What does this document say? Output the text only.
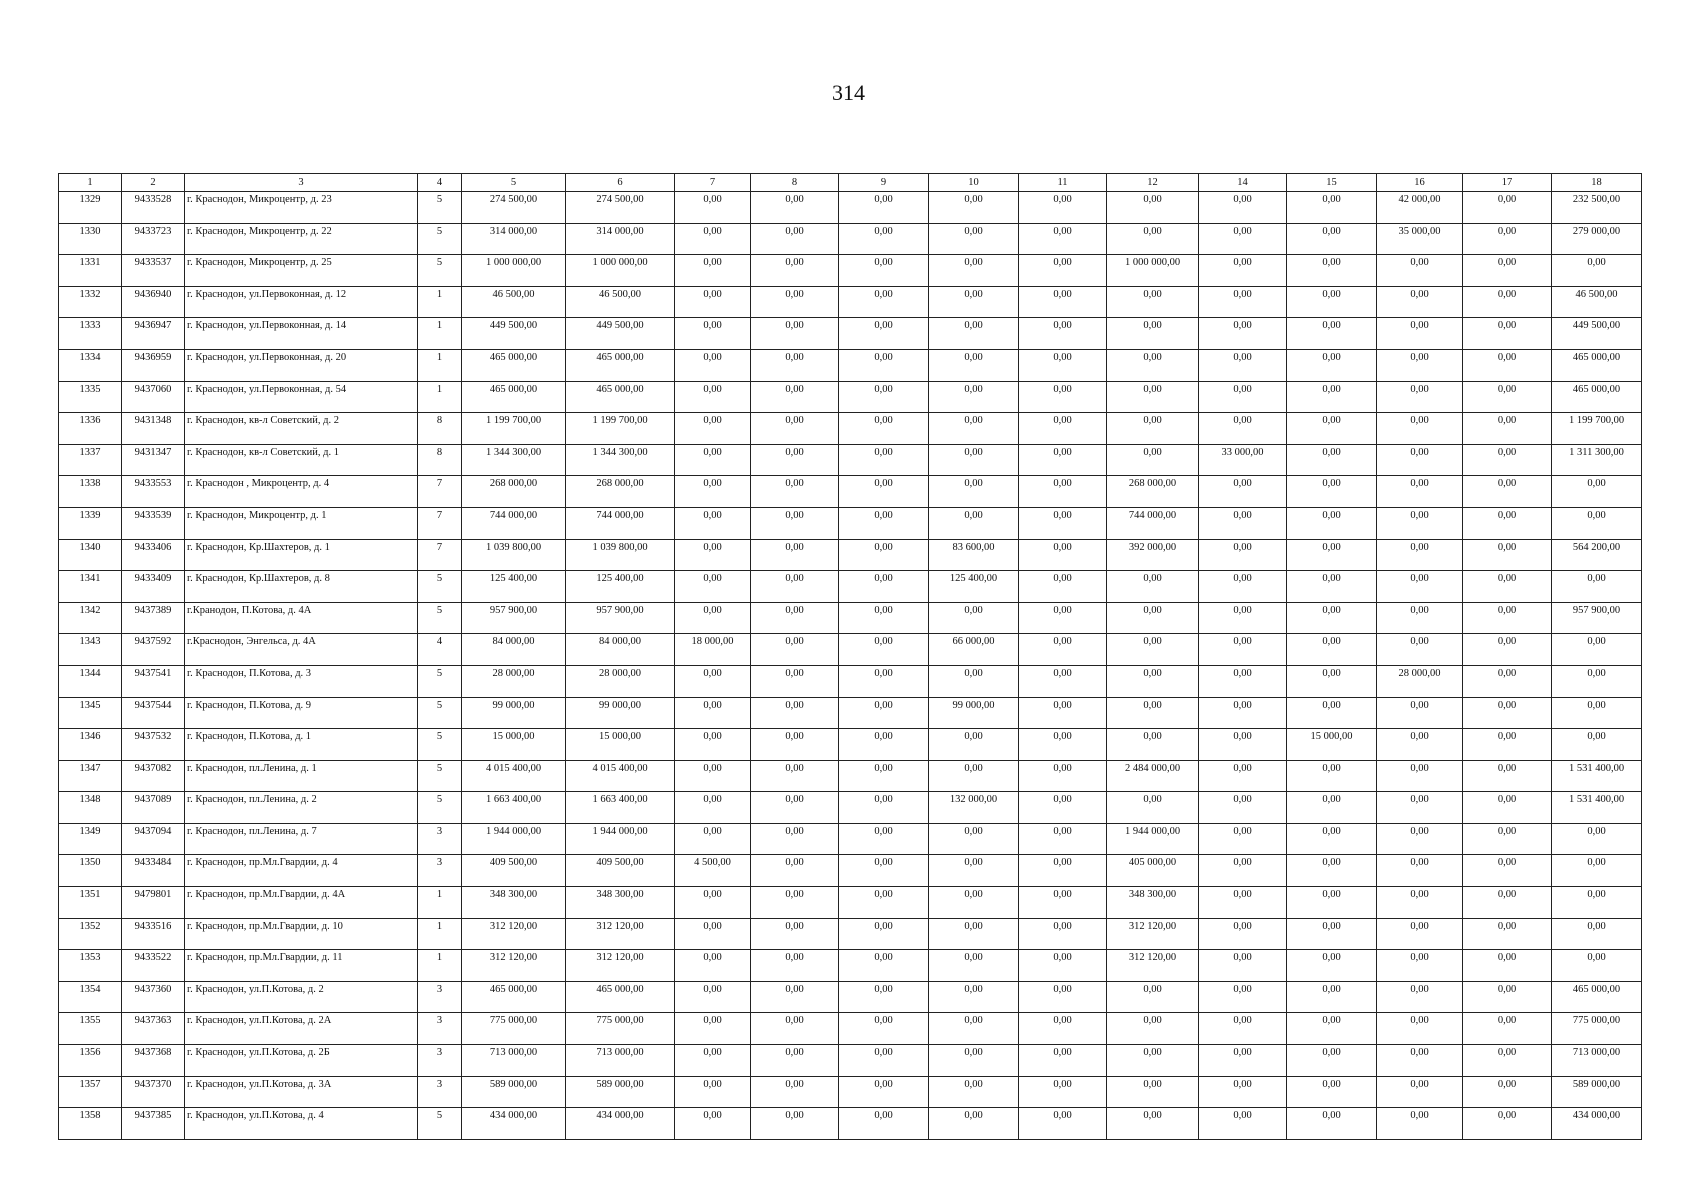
314
1	2	3	4	5	6	7	8	9	10	11	12	14	15	16	17	18
1329	9433528	г. Краснодон, Микроцентр, д. 23	5	274 500,00	274 500,00	0,00	0,00	0,00	0,00	0,00	0,00	0,00	0,00	42 000,00	0,00	232 500,00
1330	9433723	г. Краснодон, Микроцентр, д. 22	5	314 000,00	314 000,00	0,00	0,00	0,00	0,00	0,00	0,00	0,00	0,00	35 000,00	0,00	279 000,00
1331	9433537	г. Краснодон, Микроцентр, д. 25	5	1 000 000,00	1 000 000,00	0,00	0,00	0,00	0,00	0,00	1 000 000,00	0,00	0,00	0,00	0,00	0,00
1332	9436940	г. Краснодон, ул.Первоконная, д. 12	1	46 500,00	46 500,00	0,00	0,00	0,00	0,00	0,00	0,00	0,00	0,00	0,00	0,00	46 500,00
1333	9436947	г. Краснодон, ул.Первоконная, д. 14	1	449 500,00	449 500,00	0,00	0,00	0,00	0,00	0,00	0,00	0,00	0,00	0,00	0,00	449 500,00
1334	9436959	г. Краснодон, ул.Первоконная, д. 20	1	465 000,00	465 000,00	0,00	0,00	0,00	0,00	0,00	0,00	0,00	0,00	0,00	0,00	465 000,00
1335	9437060	г. Краснодон, ул.Первоконная, д. 54	1	465 000,00	465 000,00	0,00	0,00	0,00	0,00	0,00	0,00	0,00	0,00	0,00	0,00	465 000,00
1336	9431348	г. Краснодон, кв-л Советский, д. 2	8	1 199 700,00	1 199 700,00	0,00	0,00	0,00	0,00	0,00	0,00	0,00	0,00	0,00	0,00	1 199 700,00
1337	9431347	г. Краснодон, кв-л Советский, д. 1	8	1 344 300,00	1 344 300,00	0,00	0,00	0,00	0,00	0,00	0,00	33 000,00	0,00	0,00	0,00	1 311 300,00
1338	9433553	г. Краснодон , Микроцентр, д. 4	7	268 000,00	268 000,00	0,00	0,00	0,00	0,00	0,00	268 000,00	0,00	0,00	0,00	0,00	0,00
1339	9433539	г. Краснодон, Микроцентр, д. 1	7	744 000,00	744 000,00	0,00	0,00	0,00	0,00	0,00	744 000,00	0,00	0,00	0,00	0,00	0,00
1340	9433406	г. Краснодон, Кр.Шахтеров, д. 1	7	1 039 800,00	1 039 800,00	0,00	0,00	0,00	83 600,00	0,00	392 000,00	0,00	0,00	0,00	0,00	564 200,00
1341	9433409	г. Краснодон, Кр.Шахтеров, д. 8	5	125 400,00	125 400,00	0,00	0,00	0,00	125 400,00	0,00	0,00	0,00	0,00	0,00	0,00	0,00
1342	9437389	г.Кранодон, П.Котова, д. 4А	5	957 900,00	957 900,00	0,00	0,00	0,00	0,00	0,00	0,00	0,00	0,00	0,00	0,00	957 900,00
1343	9437592	г.Краснодон, Энгельса, д. 4А	4	84 000,00	84 000,00	18 000,00	0,00	0,00	66 000,00	0,00	0,00	0,00	0,00	0,00	0,00	0,00
1344	9437541	г. Краснодон, П.Котова, д. 3	5	28 000,00	28 000,00	0,00	0,00	0,00	0,00	0,00	0,00	0,00	0,00	28 000,00	0,00	0,00
1345	9437544	г. Краснодон, П.Котова, д. 9	5	99 000,00	99 000,00	0,00	0,00	0,00	99 000,00	0,00	0,00	0,00	0,00	0,00	0,00	0,00
1346	9437532	г. Краснодон, П.Котова, д. 1	5	15 000,00	15 000,00	0,00	0,00	0,00	0,00	0,00	0,00	0,00	15 000,00	0,00	0,00	0,00
1347	9437082	г. Краснодон, пл.Ленина, д. 1	5	4 015 400,00	4 015 400,00	0,00	0,00	0,00	0,00	0,00	2 484 000,00	0,00	0,00	0,00	0,00	1 531 400,00
1348	9437089	г. Краснодон, пл.Ленина, д. 2	5	1 663 400,00	1 663 400,00	0,00	0,00	0,00	132 000,00	0,00	0,00	0,00	0,00	0,00	0,00	1 531 400,00
1349	9437094	г. Краснодон, пл.Ленина, д. 7	3	1 944 000,00	1 944 000,00	0,00	0,00	0,00	0,00	0,00	1 944 000,00	0,00	0,00	0,00	0,00	0,00
1350	9433484	г. Краснодон, пр.Мл.Гвардии, д. 4	3	409 500,00	409 500,00	4 500,00	0,00	0,00	0,00	0,00	405 000,00	0,00	0,00	0,00	0,00	0,00
1351	9479801	г. Краснодон, пр.Мл.Гвардии, д. 4А	1	348 300,00	348 300,00	0,00	0,00	0,00	0,00	0,00	348 300,00	0,00	0,00	0,00	0,00	0,00
1352	9433516	г. Краснодон, пр.Мл.Гвардии, д. 10	1	312 120,00	312 120,00	0,00	0,00	0,00	0,00	0,00	312 120,00	0,00	0,00	0,00	0,00	0,00
1353	9433522	г. Краснодон, пр.Мл.Гвардии, д. 11	1	312 120,00	312 120,00	0,00	0,00	0,00	0,00	0,00	312 120,00	0,00	0,00	0,00	0,00	0,00
1354	9437360	г. Краснодон, ул.П.Котова, д. 2	3	465 000,00	465 000,00	0,00	0,00	0,00	0,00	0,00	0,00	0,00	0,00	0,00	0,00	465 000,00
1355	9437363	г. Краснодон, ул.П.Котова, д. 2А	3	775 000,00	775 000,00	0,00	0,00	0,00	0,00	0,00	0,00	0,00	0,00	0,00	0,00	775 000,00
1356	9437368	г. Краснодон, ул.П.Котова, д. 2Б	3	713 000,00	713 000,00	0,00	0,00	0,00	0,00	0,00	0,00	0,00	0,00	0,00	0,00	713 000,00
1357	9437370	г. Краснодон, ул.П.Котова, д. 3А	3	589 000,00	589 000,00	0,00	0,00	0,00	0,00	0,00	0,00	0,00	0,00	0,00	0,00	589 000,00
1358	9437385	г. Краснодон, ул.П.Котова, д. 4	5	434 000,00	434 000,00	0,00	0,00	0,00	0,00	0,00	0,00	0,00	0,00	0,00	0,00	434 000,00
